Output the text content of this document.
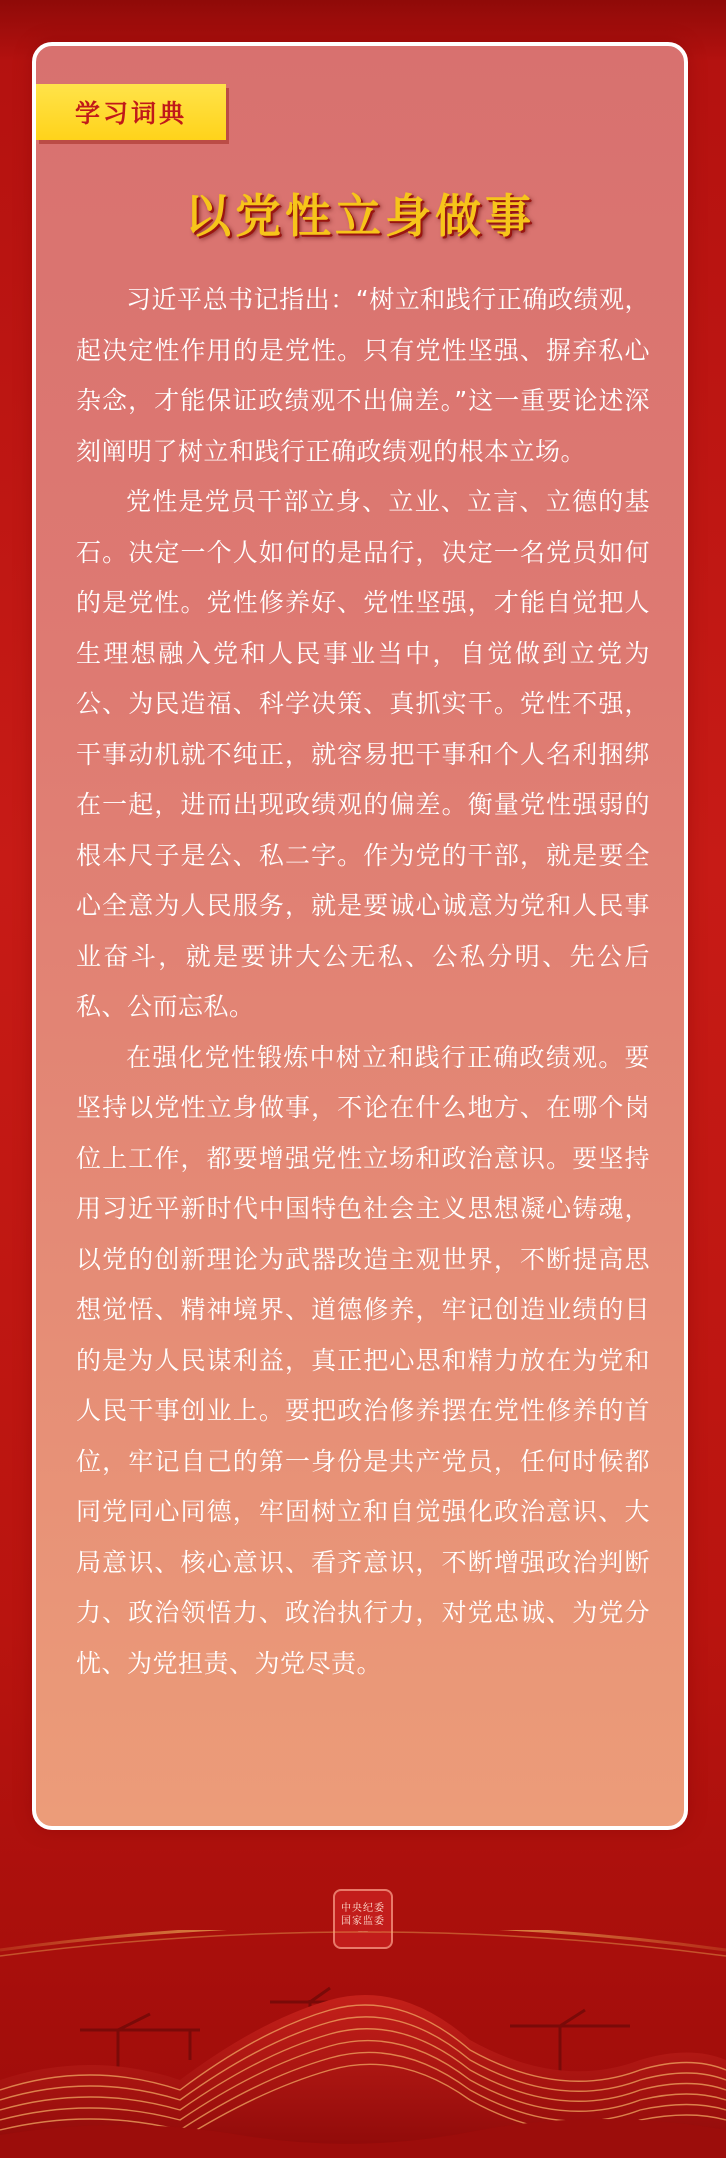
学习词典
以党性立身做事

习近平总书记指出：“树立和践行正确政绩观，起决定性作用的是党性。只有党性坚强、摒弃私心杂念，才能保证政绩观不出偏差。”这一重要论述深刻阐明了树立和践行正确政绩观的根本立场。

党性是党员干部立身、立业、立言、立德的基石。决定一个人如何的是品行，决定一名党员如何的是党性。党性修养好、党性坚强，才能自觉把人生理想融入党和人民事业当中，自觉做到立党为公、为民造福、科学决策、真抓实干。党性不强，干事动机就不纯正，就容易把干事和个人名利捆绑在一起，进而出现政绩观的偏差。衡量党性强弱的根本尺子是公、私二字。作为党的干部，就是要全心全意为人民服务，就是要诚心诚意为党和人民事业奋斗，就是要讲大公无私、公私分明、先公后私、公而忘私。

在强化党性锻炼中树立和践行正确政绩观。要坚持以党性立身做事，不论在什么地方、在哪个岗位上工作，都要增强党性立场和政治意识。要坚持用习近平新时代中国特色社会主义思想凝心铸魂，以党的创新理论为武器改造主观世界，不断提高思想觉悟、精神境界、道德修养，牢记创造业绩的目的是为人民谋利益，真正把心思和精力放在为党和人民干事创业上。要把政治修养摆在党性修养的首位，牢记自己的第一身份是共产党员，任何时候都同党同心同德，牢固树立和自觉强化政治意识、大局意识、核心意识、看齐意识，不断增强政治判断力、政治领悟力、政治执行力，对党忠诚、为党分忧、为党担责、为党尽责。

中央纪委
国家监委
——
